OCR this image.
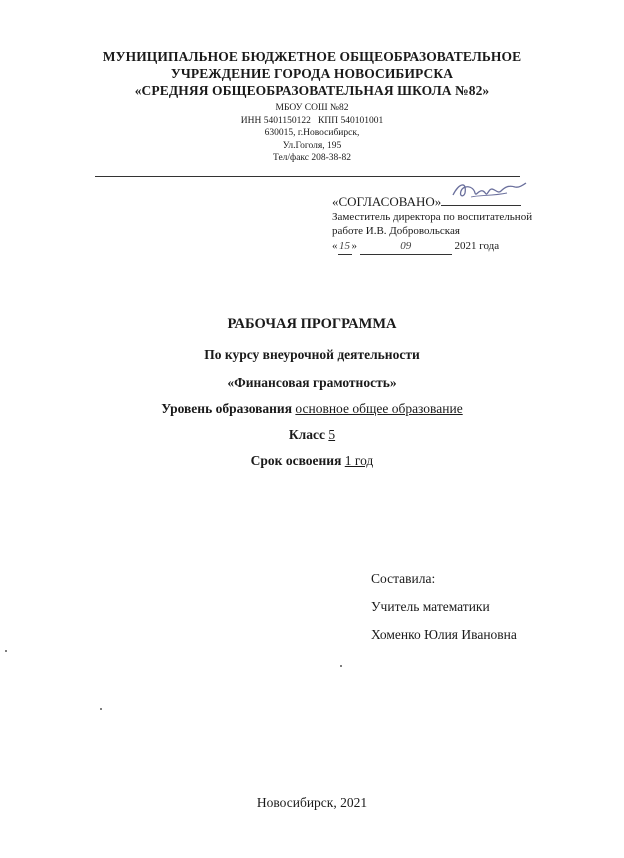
МУНИЦИПАЛЬНОЕ БЮДЖЕТНОЕ ОБЩЕОБРАЗОВАТЕЛЬНОЕ
УЧРЕЖДЕНИЕ ГОРОДА НОВОСИБИРСКА
«СРЕДНЯЯ ОБЩЕОБРАЗОВАТЕЛЬНАЯ ШКОЛА №82»
МБОУ СОШ №82
ИНН 5401150122   КПП 540101001
630015, г.Новосибирск,
Ул.Гоголя, 195
Тел/факс 208-38-82
«СОГЛАСОВАНО»
Заместитель директора по воспитательной
работе И.В. Добровольская
« 15 »	09	2021 года
РАБОЧАЯ ПРОГРАММА
По курсу внеурочной деятельности
«Финансовая грамотность»
Уровень образования основное общее образование
Класс 5
Срок освоения 1 год
Составила:
Учитель математики
Хоменко Юлия Ивановна
Новосибирск, 2021
